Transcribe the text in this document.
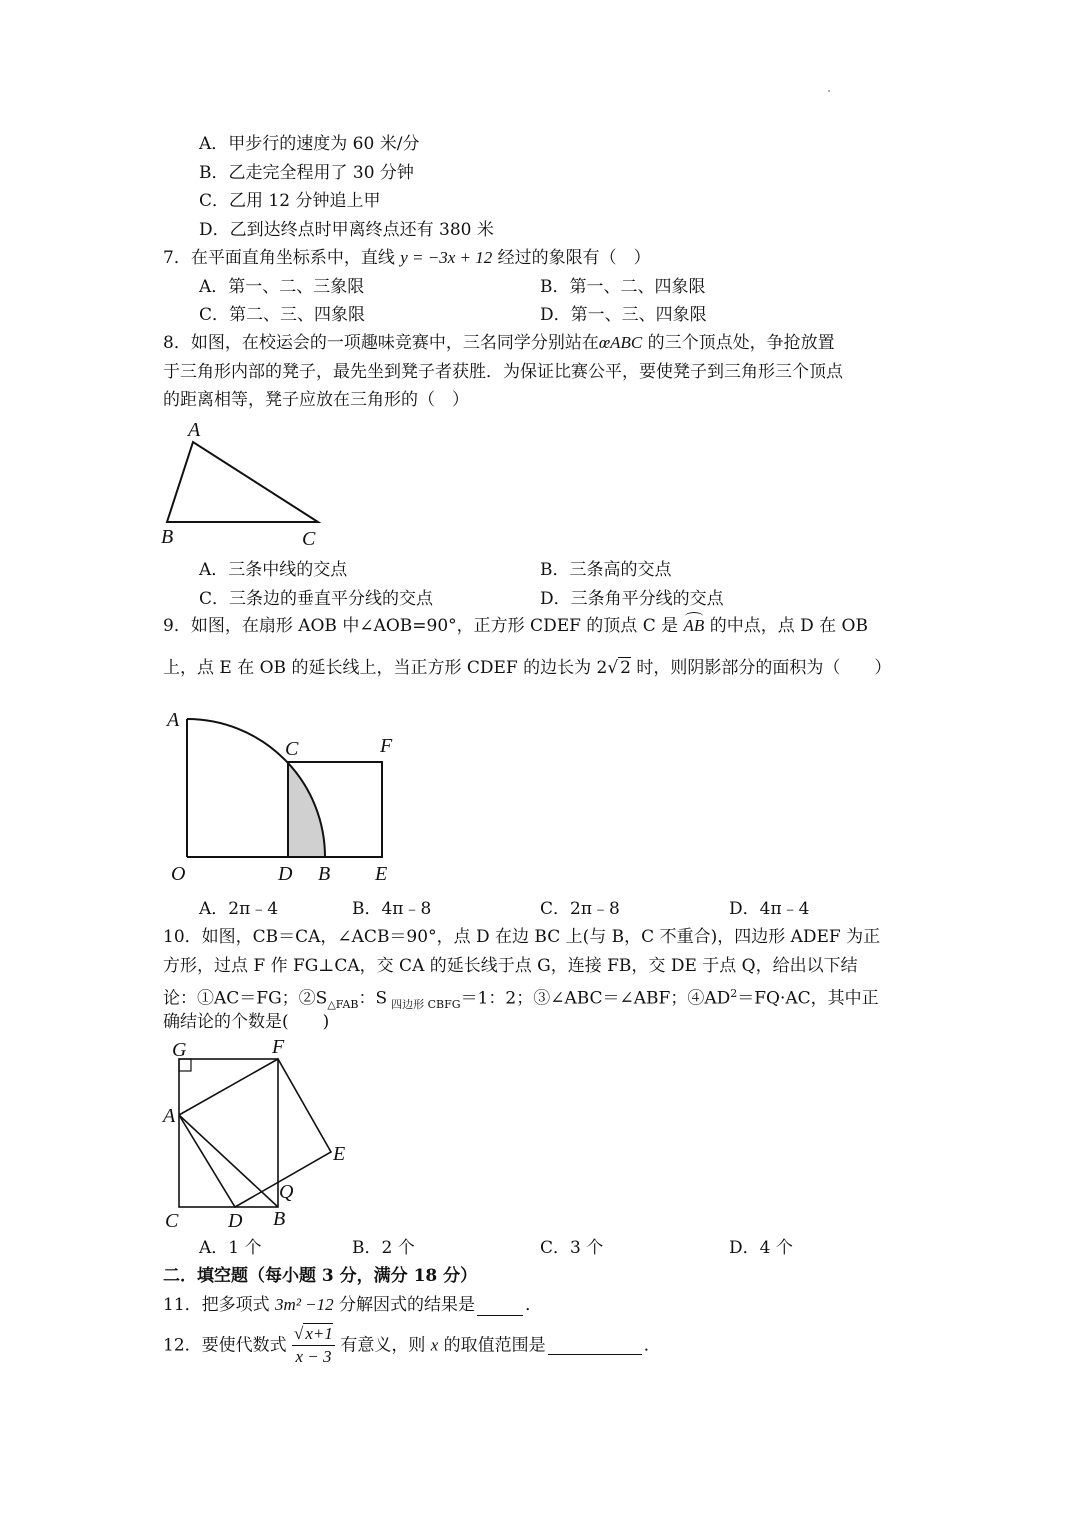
A．甲步行的速度为 60 米/分
B．乙走完全程用了 30 分钟
C．乙用 12 分钟追上甲
D．乙到达终点时甲离终点还有 380 米
7．在平面直角坐标系中，直线 y = −3x + 12 经过的象限有（　）
A．第一、二、三象限	B．第一、二、四象限
C．第二、三、四象限	D．第一、三、四象限
8．如图，在校运会的一项趣味竞赛中，三名同学分别站在œABC 的三个顶点处，争抢放置
于三角形内部的凳子，最先坐到凳子者获胜．为保证比赛公平，要使凳子到三角形三个顶点
的距离相等，凳子应放在三角形的（　）
A
B	C
A．三条中线的交点	B．三条高的交点
C．三条边的垂直平分线的交点	D．三条角平分线的交点
9．如图，在扇形 AOB 中∠AOB=90°，正方形 CDEF 的顶点 C 是 AB 的中点，点 D 在 OB
上，点 E 在 OB 的延长线上，当正方形 CDEF 的边长为 2√ 2 时，则阴影部分的面积为（　　）
A
C	F
O	D B E
A．2π﹣4	B．4π﹣8	C．2π﹣8	D．4π﹣4
10．如图，CB＝CA，∠ACB＝90°，点 D 在边 BC 上(与 B，C 不重合)，四边形 ADEF 为正
方形，过点 F 作 FG⊥CA，交 CA 的延长线于点 G，连接 FB，交 DE 于点 Q，给出以下结
论：①AC＝FG；$②S_{\triangle FAB}$：S $_{四边形 CBFG}$＝1：2；③∠ABC＝∠ABF；$④AD^2=FQ\cdot AC$，其中正
确结论的个数是(　　)
G	F
A
E
Q
C D B
A．1 个	B．2 个	C．3 个	D．4 个
二．填空题（每小题 3 分，满分 18 分）
11．把多项式 3m² −12 分解因式的结果是	．
12．要使代数式 $\frac{√ x+1}{x - 3}$ 有意义，则 x 的取值范围是	．
